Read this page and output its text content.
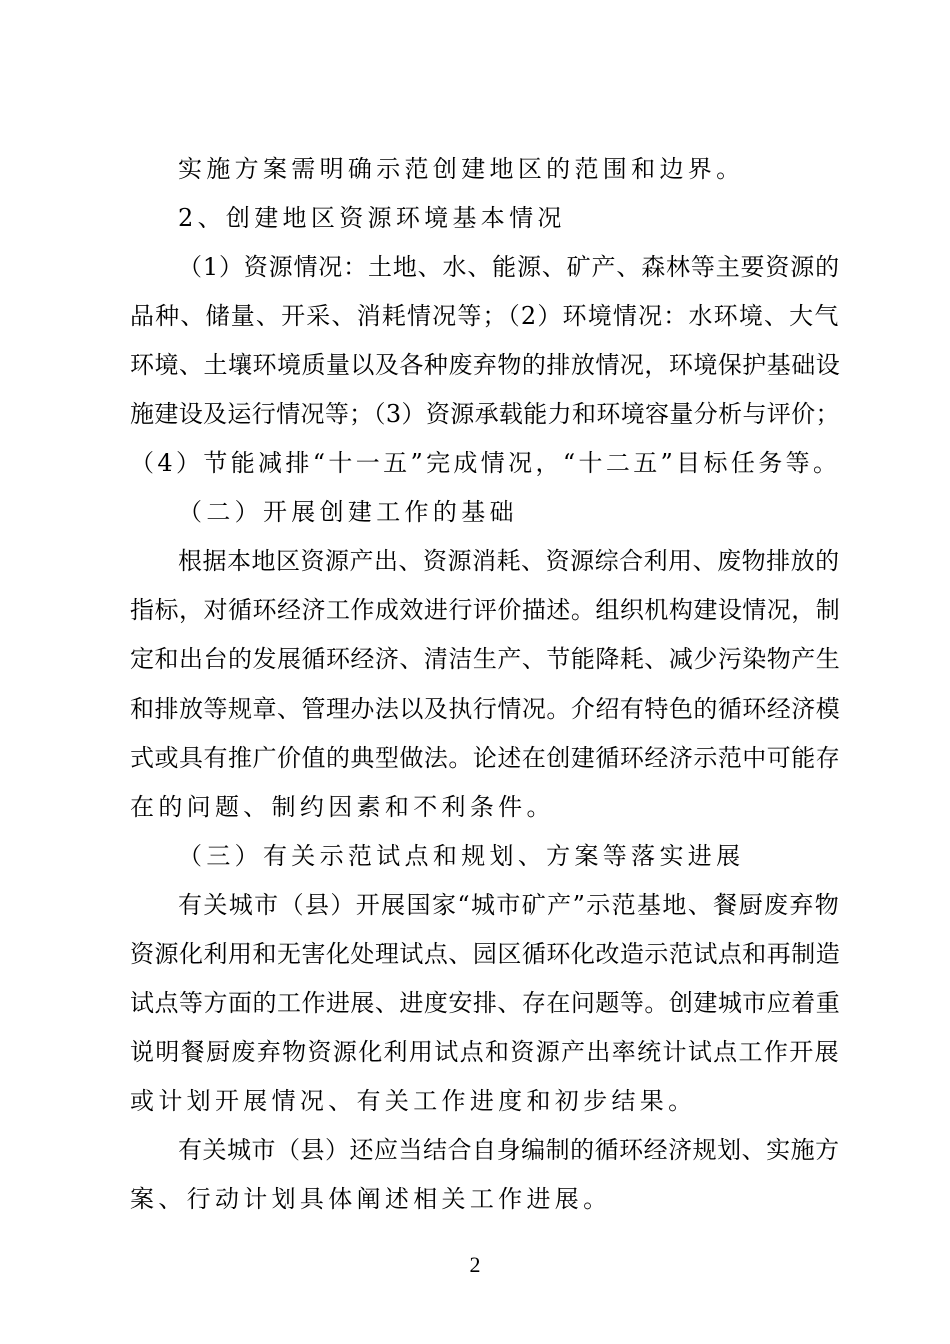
实施方案需明确示范创建地区的范围和边界。
2、创建地区资源环境基本情况
（1）资源情况：土地、水、能源、矿产、森林等主要资源的
品种、储量、开采、消耗情况等；（2）环境情况：水环境、大气
环境、土壤环境质量以及各种废弃物的排放情况，环境保护基础设
施建设及运行情况等；（3）资源承载能力和环境容量分析与评价；
（4）节能减排“十一五”完成情况，“十二五”目标任务等。
（二）开展创建工作的基础
根据本地区资源产出、资源消耗、资源综合利用、废物排放的
指标，对循环经济工作成效进行评价描述。组织机构建设情况，制
定和出台的发展循环经济、清洁生产、节能降耗、减少污染物产生
和排放等规章、管理办法以及执行情况。介绍有特色的循环经济模
式或具有推广价值的典型做法。论述在创建循环经济示范中可能存
在的问题、制约因素和不利条件。
（三）有关示范试点和规划、方案等落实进展
有关城市（县）开展国家“城市矿产”示范基地、餐厨废弃物
资源化利用和无害化处理试点、园区循环化改造示范试点和再制造
试点等方面的工作进展、进度安排、存在问题等。创建城市应着重
说明餐厨废弃物资源化利用试点和资源产出率统计试点工作开展
或计划开展情况、有关工作进度和初步结果。
有关城市（县）还应当结合自身编制的循环经济规划、实施方
案、行动计划具体阐述相关工作进展。
2
